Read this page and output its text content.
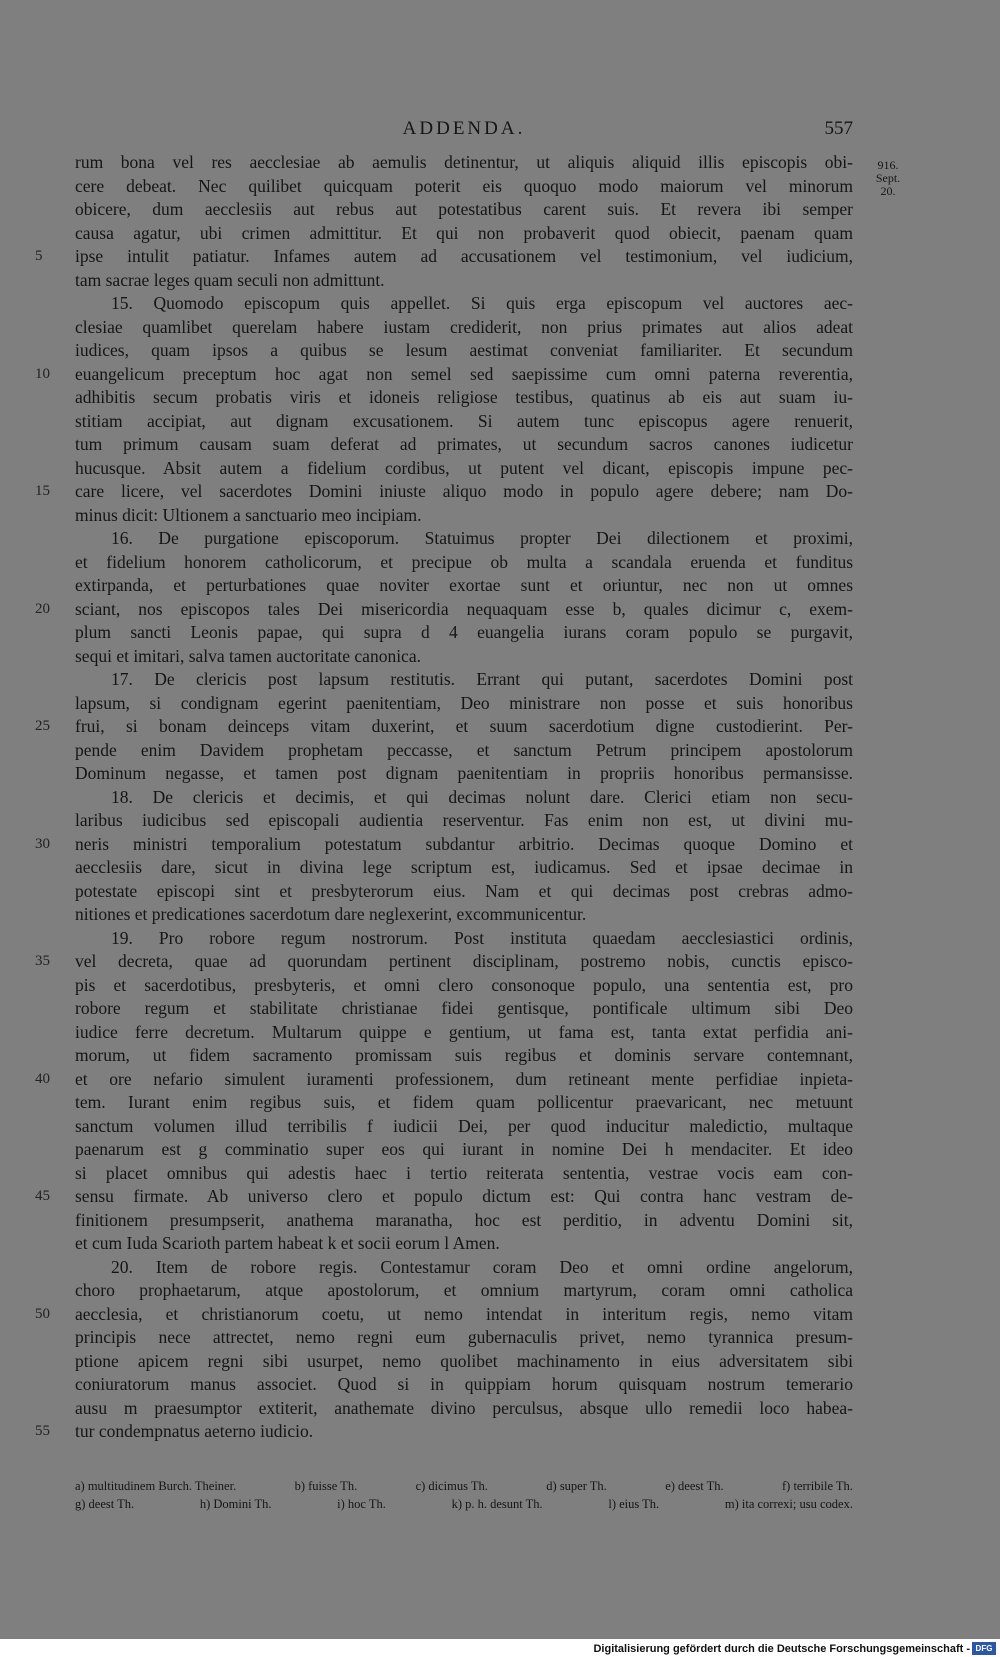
ADDENDA.	557
916.
Sept.
20.
rum bona vel res aecclesiae ab aemulis detinentur, ut aliquis aliquid illis episcopis obi-
cere debeat. Nec quilibet quicquam poterit eis quoquo modo maiorum vel minorum
obicere, dum aecclesiis aut rebus aut potestatibus carent suis. Et revera ibi semper
causa agatur, ubi crimen admittitur. Et qui non probaverit quod obiecit, paenam quam
5	ipse intulit patiatur. Infames autem ad accusationem vel testimonium, vel iudicium,
tam sacrae leges quam seculi non admittunt.
15. Quomodo episcopum quis appellet. Si quis erga episcopum vel auctores aec-
clesiae quamlibet querelam habere iustam crediderit, non prius primates aut alios adeat
iudices, quam ipsos a quibus se lesum aestimat conveniat familiariter. Et secundum
10	euangelicum preceptum hoc agat non semel sed saepissime cum omni paterna reverentia,
adhibitis secum probatis viris et idoneis religiose testibus, quatinus ab eis aut suam iu-
stitiam accipiat, aut dignam excusationem. Si autem tunc episcopus agere renuerit,
tum primum causam suam deferat ad primates, ut secundum sacros canones iudicetur
hucusque. Absit autem a fidelium cordibus, ut putent vel dicant, episcopis impune pec-
15	care licere, vel sacerdotes Domini iniuste aliquo modo in populo agere debere; nam Do-
minus dicit: Ultionem a sanctuario meo incipiam.
16. De purgatione episcoporum. Statuimus propter Dei dilectionem et proximi,
et fidelium honorem catholicorum, et precipue ob multa a scandala eruenda et funditus
extirpanda, et perturbationes quae noviter exortae sunt et oriuntur, nec non ut omnes
20	sciant, nos episcopos tales Dei misericordia nequaquam esse b, quales dicimur c, exem-
plum sancti Leonis papae, qui supra d 4 euangelia iurans coram populo se purgavit,
sequi et imitari, salva tamen auctoritate canonica.
17. De clericis post lapsum restitutis. Errant qui putant, sacerdotes Domini post
lapsum, si condignam egerint paenitentiam, Deo ministrare non posse et suis honoribus
25	frui, si bonam deinceps vitam duxerint, et suum sacerdotium digne custodierint. Per-
pende enim Davidem prophetam peccasse, et sanctum Petrum principem apostolorum
Dominum negasse, et tamen post dignam paenitentiam in propriis honoribus permansisse.
18. De clericis et decimis, et qui decimas nolunt dare. Clerici etiam non secu-
laribus iudicibus sed episcopali audientia reserventur. Fas enim non est, ut divini mu-
30	neris ministri temporalium potestatum subdantur arbitrio. Decimas quoque Domino et
aecclesiis dare, sicut in divina lege scriptum est, iudicamus. Sed et ipsae decimae in
potestate episcopi sint et presbyterorum eius. Nam et qui decimas post crebras admo-
nitiones et predicationes sacerdotum dare neglexerint, excommunicentur.
19. Pro robore regum nostrorum. Post instituta quaedam aecclesiastici ordinis,
35	vel decreta, quae ad quorundam pertinent disciplinam, postremo nobis, cunctis episco-
pis et sacerdotibus, presbyteris, et omni clero consonoque populo, una sententia est, pro
robore regum et stabilitate christianae fidei gentisque, pontificale ultimum sibi Deo
iudice ferre decretum. Multarum quippe e gentium, ut fama est, tanta extat perfidia ani-
morum, ut fidem sacramento promissam suis regibus et dominis servare contemnant,
40	et ore nefario simulent iuramenti professionem, dum retineant mente perfidiae inpieta-
tem. Iurant enim regibus suis, et fidem quam pollicentur praevaricant, nec metuunt
sanctum volumen illud terribilis f iudicii Dei, per quod inducitur maledictio, multaque
paenarum est g comminatio super eos qui iurant in nomine Dei h mendaciter. Et ideo
si placet omnibus qui adestis haec i tertio reiterata sententia, vestrae vocis eam con-
45	sensu firmate. Ab universo clero et populo dictum est: Qui contra hanc vestram de-
finitionem presumpserit, anathema maranatha, hoc est perditio, in adventu Domini sit,
et cum Iuda Scarioth partem habeat k et socii eorum l Amen.
20. Item de robore regis. Contestamur coram Deo et omni ordine angelorum,
choro prophaetarum, atque apostolorum, et omnium martyrum, coram omni catholica
50	aecclesia, et christianorum coetu, ut nemo intendat in interitum regis, nemo vitam
principis nece attrectet, nemo regni eum gubernaculis privet, nemo tyrannica presum-
ptione apicem regni sibi usurpet, nemo quolibet machinamento in eius adversitatem sibi
coniuratorum manus associet. Quod si in quippiam horum quisquam nostrum temerario
ausu m praesumptor extiterit, anathemate divino perculsus, absque ullo remedii loco habea-
55	tur condempnatus aeterno iudicio.
a) multitudinem Burch. Theiner.	b) fuisse Th.	c) dicimus Th.	d) super Th.	e) deest Th.	f) terribile Th.
g) deest Th.	h) Domini Th.	i) hoc Th.	k) p. h. desunt Th.	l) eius Th.	m) ita correxi; usu codex.
Digitalisierung gefördert durch die Deutsche Forschungsgemeinschaft - DFG
